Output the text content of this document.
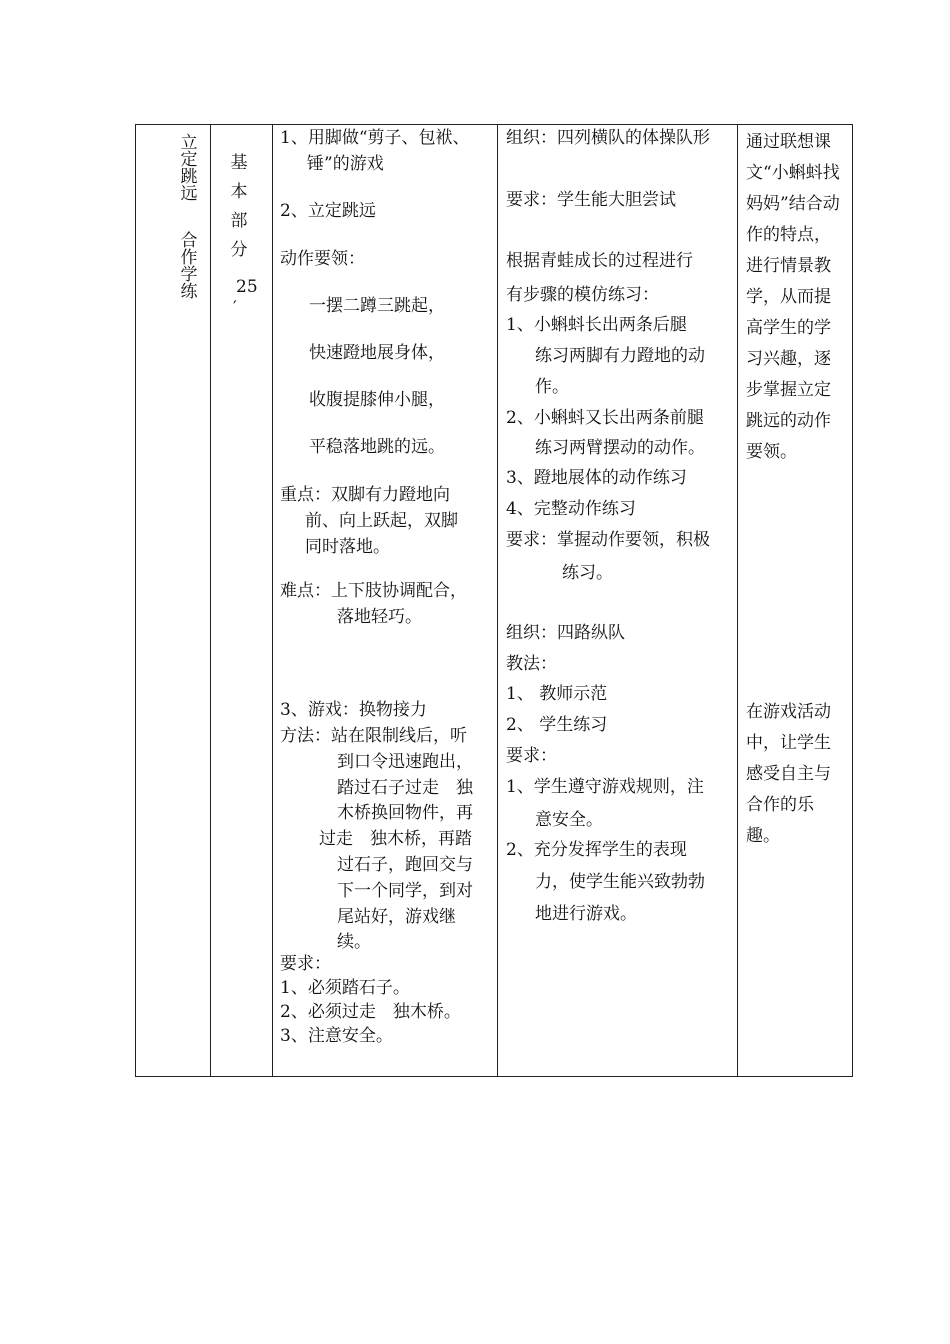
立定跳远
合作学练
基本部分
25
′
1、用脚做“剪子、包袱、
锤”的游戏
2、立定跳远
动作要领：
一摆二蹲三跳起，
快速蹬地展身体，
收腹提膝伸小腿，
平稳落地跳的远。
重点：双脚有力蹬地向
前、向上跃起，双脚
同时落地。
难点：上下肢协调配合，
落地轻巧。
3、游戏：换物接力
方法：站在限制线后，听
到口令迅速跑出，
踏过石子过走　独
木桥换回物件，再
过走　独木桥，再踏
过石子，跑回交与
下一个同学，到对
尾站好，游戏继
续。
要求：
1、必须踏石子。
2、必须过走　独木桥。
3、注意安全。
组织：四列横队的体操队形
要求：学生能大胆尝试
根据青蛙成长的过程进行
有步骤的模仿练习：
1、小蝌蚪长出两条后腿
练习两脚有力蹬地的动
作。
2、小蝌蚪又长出两条前腿
练习两臂摆动的动作。
3、蹬地展体的动作练习
4、完整动作练习
要求：掌握动作要领，积极
练习。
组织：四路纵队
教法：
1、 教师示范
2、 学生练习
要求：
1、学生遵守游戏规则，注
意安全。
2、充分发挥学生的表现
力，使学生能兴致勃勃
地进行游戏。
通过联想课文“小蝌蚪找妈妈”结合动作的特点，进行情景教学，从而提高学生的学习兴趣，逐步掌握立定跳远的动作要领。
在游戏活动中，让学生感受自主与合作的乐趣。
